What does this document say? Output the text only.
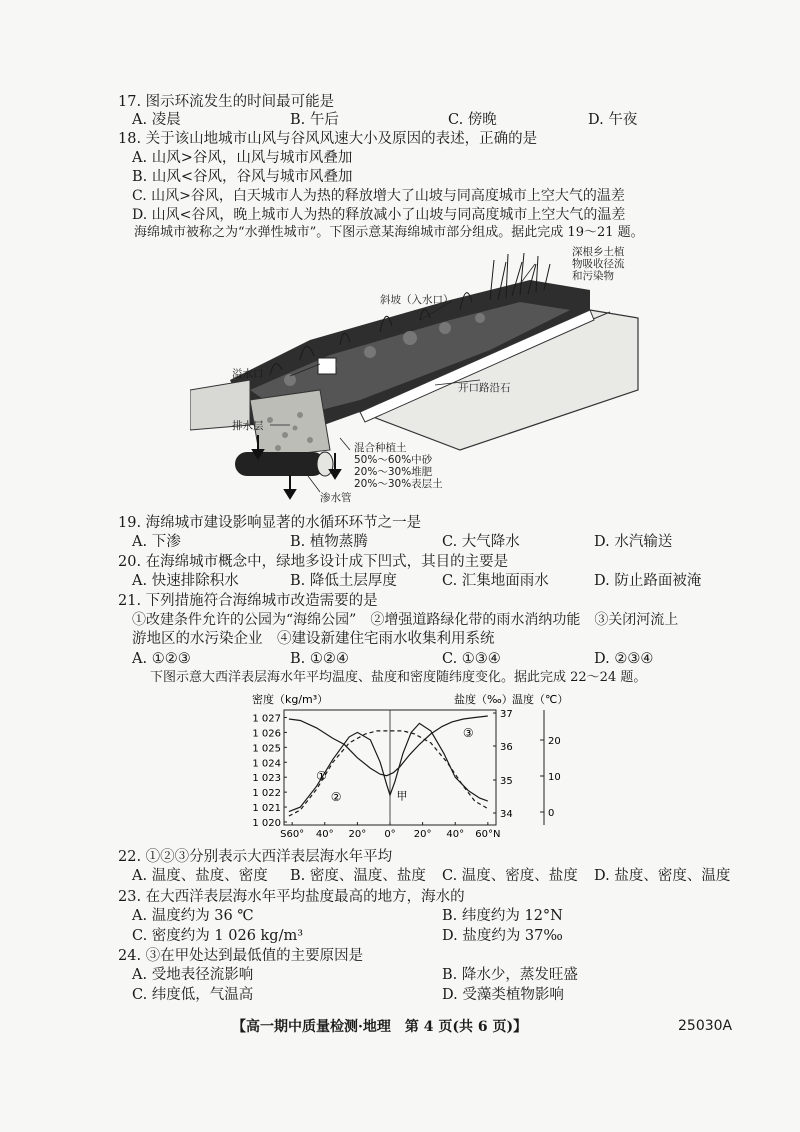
17. 图示环流发生的时间最可能是
A. 凌晨	B. 午后	C. 傍晚	D. 午夜
18. 关于该山地城市山风与谷风风速大小及原因的表述，正确的是
A. 山风>谷风，山风与城市风叠加
B. 山风<谷风，谷风与城市风叠加
C. 山风>谷风，白天城市人为热的释放增大了山坡与同高度城市上空大气的温差
D. 山风<谷风，晚上城市人为热的释放减小了山坡与同高度城市上空大气的温差
海绵城市被称之为“水弹性城市”。下图示意某海绵城市部分组成。据此完成 19～21 题。
深根乡土植
物吸收径流
和污染物
斜坡（入水口）
溢水口
开口路沿石
排水层
混合种植土
50%～60%中砂
20%～30%堆肥
20%～30%表层土
渗水管
19. 海绵城市建设影响显著的水循环环节之一是
A. 下渗	B. 植物蒸腾	C. 大气降水	D. 水汽输送
20. 在海绵城市概念中，绿地多设计成下凹式，其目的主要是
A. 快速排除积水	B. 降低土层厚度	C. 汇集地面雨水	D. 防止路面被淹
21. 下列措施符合海绵城市改造需要的是
①改建条件允许的公园为“海绵公园”　②增强道路绿化带的雨水消纳功能　③关闭河流上
游地区的水污染企业　④建设新建住宅雨水收集利用系统
A. ①②③	B. ①②④	C. ①③④	D. ②③④
下图示意大西洋表层海水年平均温度、盐度和密度随纬度变化。据此完成 22～24 题。
密度（kg/m³）	盐度（‰） 温度（℃）
1 027
1 026
1 025
1 024
1 023
1 022
1 021
1 020
37
36
35
34
20
10
0
S60° 40° 20° 0° 20° 40° 60°N
①
②
③
甲
22. ①②③分别表示大西洋表层海水年平均
A. 温度、盐度、密度 B. 密度、温度、盐度 C. 温度、密度、盐度 D. 盐度、密度、温度
23. 在大西洋表层海水年平均盐度最高的地方，海水的
A. 温度约为 36 ℃	B. 纬度约为 12°N
C. 密度约为 1 026 kg/m³	D. 盐度约为 37‰
24. ③在甲处达到最低值的主要原因是
A. 受地表径流影响	B. 降水少，蒸发旺盛
C. 纬度低，气温高	D. 受藻类植物影响
【高一期中质量检测·地理　第 4 页(共 6 页)】	25030A
